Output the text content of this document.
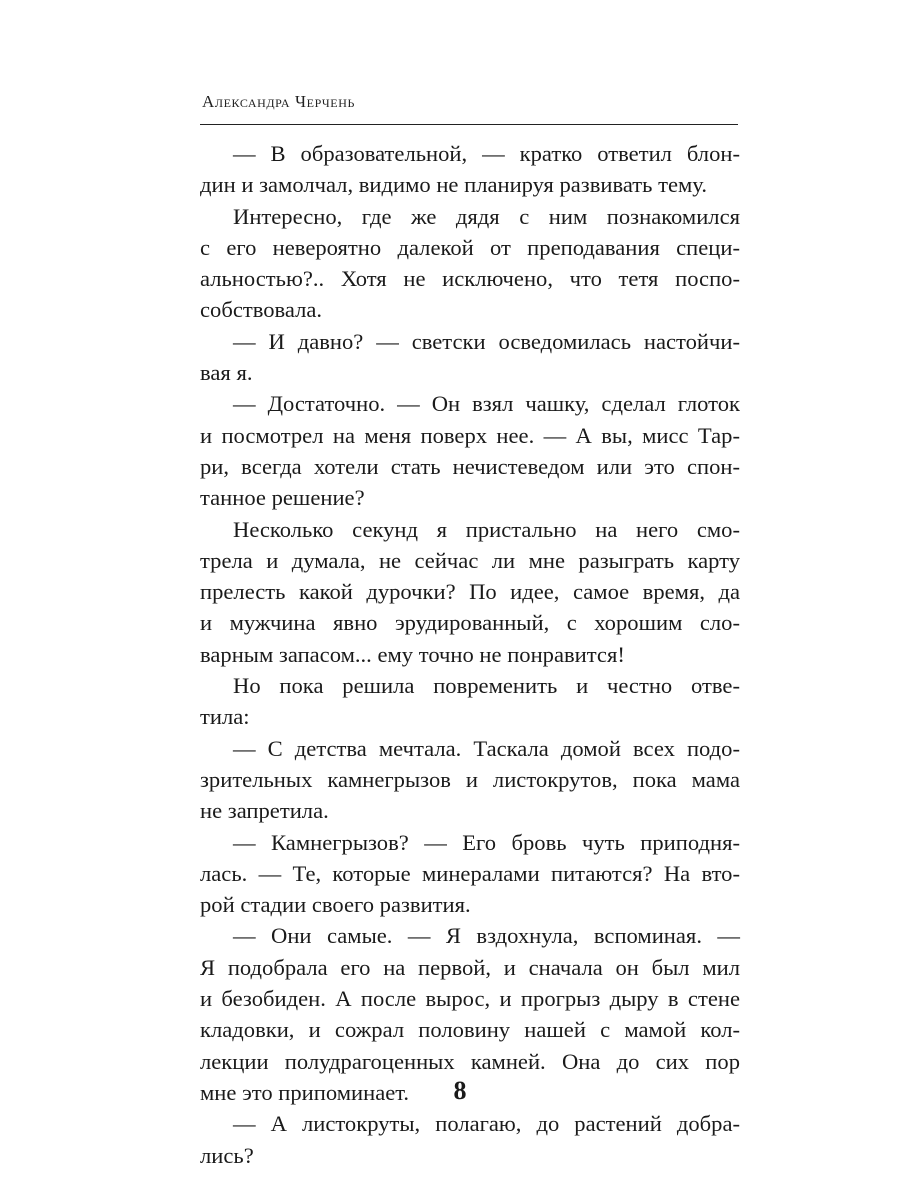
Александра Черчень
— В образовательной, — кратко ответил блон-
дин и замолчал, видимо не планируя развивать тему.
Интересно, где же дядя с ним познакомился
с его невероятно далекой от преподавания специ-
альностью?.. Хотя не исключено, что тетя поспо-
собствовала.
— И давно? — светски осведомилась настойчи-
вая я.
— Достаточно. — Он взял чашку, сделал глоток
и посмотрел на меня поверх нее. — А вы, мисс Тар-
ри, всегда хотели стать нечистеведом или это спон-
танное решение?
Несколько секунд я пристально на него смо-
трела и думала, не сейчас ли мне разыграть карту
прелесть какой дурочки? По идее, самое время, да
и мужчина явно эрудированный, с хорошим сло-
варным запасом... ему точно не понравится!
Но пока решила повременить и честно отве-
тила:
— С детства мечтала. Таскала домой всех подо-
зрительных камнегрызов и листокрутов, пока мама
не запретила.
— Камнегрызов? — Его бровь чуть приподня-
лась. — Те, которые минералами питаются? На вто-
рой стадии своего развития.
— Они самые. — Я вздохнула, вспоминая. —
Я подобрала его на первой, и сначала он был мил
и безобиден. А после вырос, и прогрыз дыру в стене
кладовки, и сожрал половину нашей с мамой кол-
лекции полудрагоценных камней. Она до сих пор
мне это припоминает.
— А листокруты, полагаю, до растений добра-
лись?
8
